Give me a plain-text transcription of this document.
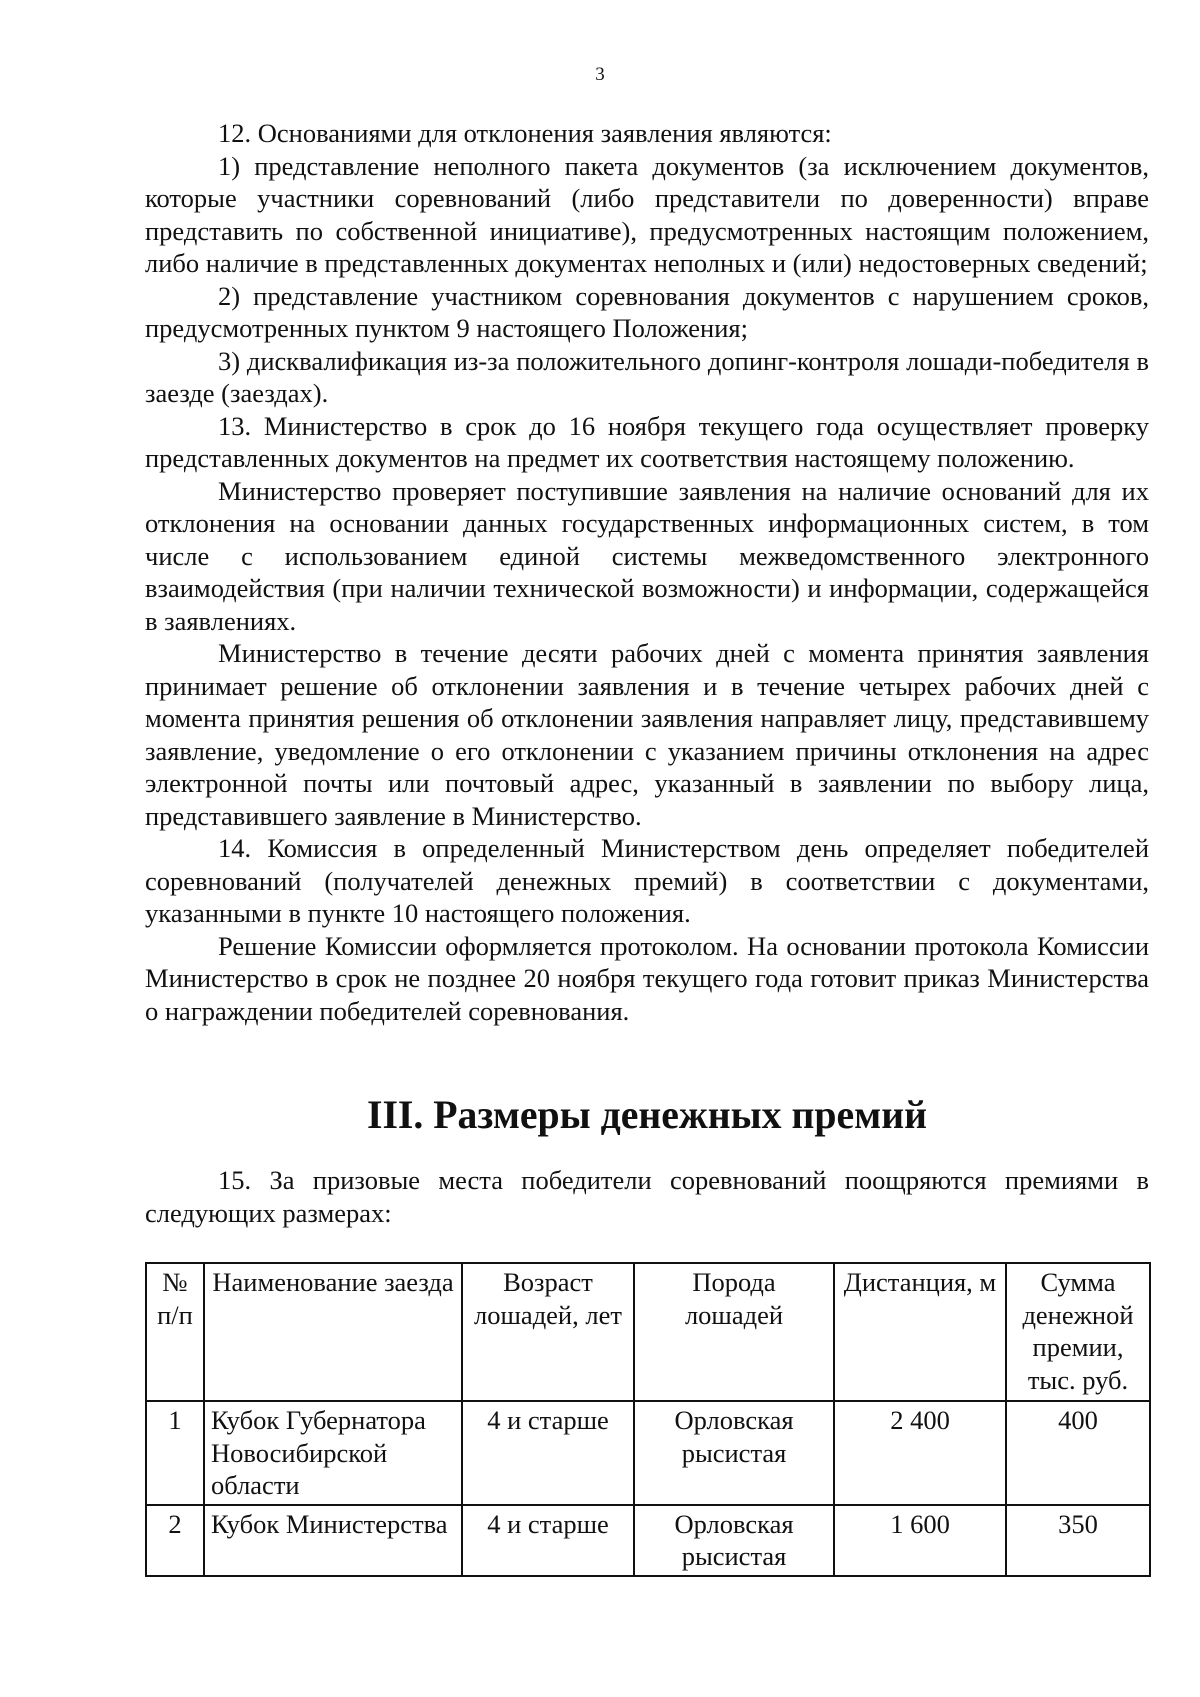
3

12. Основаниями для отклонения заявления являются:

1) представление неполного пакета документов (за исключением документов, которые участники соревнований (либо представители по доверенности) вправе представить по собственной инициативе), предусмотренных настоящим положением, либо наличие в представленных документах неполных и (или) недостоверных сведений;

2) представление участником соревнования документов с нарушением сроков, предусмотренных пунктом 9 настоящего Положения;

3) дисквалификация из-за положительного допинг-контроля лошади-победителя в заезде (заездах).

13. Министерство в срок до 16 ноября текущего года осуществляет проверку представленных документов на предмет их соответствия настоящему положению.

Министерство проверяет поступившие заявления на наличие оснований для их отклонения на основании данных государственных информационных систем, в том числе с использованием единой системы межведомственного электронного взаимодействия (при наличии технической возможности) и информации, содержащейся в заявлениях.

Министерство в течение десяти рабочих дней с момента принятия заявления принимает решение об отклонении заявления и в течение четырех рабочих дней с момента принятия решения об отклонении заявления направляет лицу, представившему заявление, уведомление о его отклонении с указанием причины отклонения на адрес электронной почты или почтовый адрес, указанный в заявлении по выбору лица, представившего заявление в Министерство.

14. Комиссия в определенный Министерством день определяет победителей соревнований (получателей денежных премий) в соответствии с документами, указанными в пункте 10 настоящего положения.

Решение Комиссии оформляется протоколом. На основании протокола Комиссии Министерство в срок не позднее 20 ноября текущего года готовит приказ Министерства о награждении победителей соревнования.

III. Размеры денежных премий

15. За призовые места победители соревнований поощряются премиями в следующих размерах:

№ п/п	Наименование заезда	Возраст лошадей, лет	Порода лошадей	Дистанция, м	Сумма денежной премии, тыс. руб.
1	Кубок Губернатора Новосибирской области	4 и старше	Орловская рысистая	2 400	400
2	Кубок Министерства	4 и старше	Орловская рысистая	1 600	350
